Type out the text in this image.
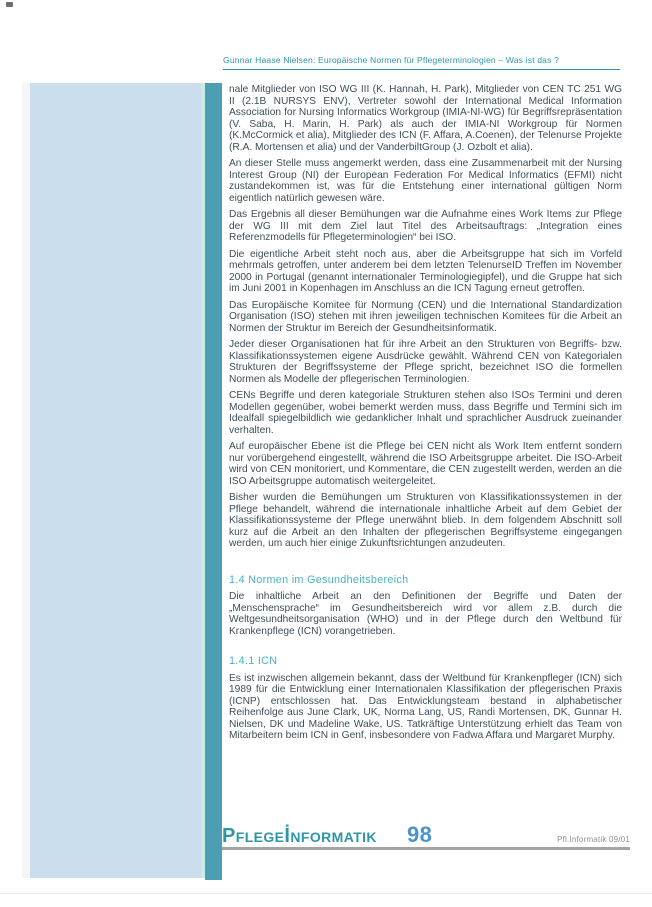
Gunnar Haase Nielsen: Europäische Normen für Pflegeterminologien – Was ist das ?

nale Mitglieder von ISO WG III (K. Hannah, H. Park), Mitglieder von CEN TC 251 WG II (2.1B NURSYS ENV), Vertreter sowohl der International Medical Information Association for Nursing Informatics Workgroup (IMIA-NI-WG) für Begriffsrepräsentation (V. Saba, H. Marin, H. Park) als auch der IMIA-NI Workgroup für Normen (K.McCormick et alia), Mitglieder des ICN (F. Affara, A.Coenen), der Telenurse Projekte (R.A. Mortensen et alia) und der VanderbiltGroup (J. Ozbolt et alia).

An dieser Stelle muss angemerkt werden, dass eine Zusammenarbeit mit der Nursing Interest Group (NI) der European Federation For Medical Informatics (EFMI) nicht zustandekommen ist, was für die Entstehung einer international gültigen Norm eigentlich natürlich gewesen wäre.

Das Ergebnis all dieser Bemühungen war die Aufnahme eines Work Items zur Pflege der WG III mit dem Ziel laut Titel des Arbeitsauftrags: „Integration eines Referenzmodells für Pflegeterminologien“ bei ISO.

Die eigentliche Arbeit steht noch aus, aber die Arbeitsgruppe hat sich im Vorfeld mehrmals getroffen, unter anderem bei dem letzten TelenurseID Treffen im November 2000 in Portugal (genannt internationaler Terminologiegipfel), und die Gruppe hat sich im Juni 2001 in Kopenhagen im Anschluss an die ICN Tagung erneut getroffen.

Das Europäische Komitee für Normung (CEN) und die International Standardization Organisation (ISO) stehen mit ihren jeweiligen technischen Komitees für die Arbeit an Normen der Struktur im Bereich der Gesundheitsinformatik.

Jeder dieser Organisationen hat für ihre Arbeit an den Strukturen von Begriffs- bzw. Klassifikationssystemen eigene Ausdrücke gewählt. Während CEN von Kategorialen Strukturen der Begriffssysteme der Pflege spricht, bezeichnet ISO die formellen Normen als Modelle der pflegerischen Terminologien.

CENs Begriffe und deren kategoriale Strukturen stehen also ISOs Termini und deren Modellen gegenüber, wobei bemerkt werden muss, dass Begriffe und Termini sich im Idealfall spiegelbildlich wie gedanklicher Inhalt und sprachlicher Ausdruck zueinander verhalten.

Auf europäischer Ebene ist die Pflege bei CEN nicht als Work Item entfernt sondern nur vorübergehend eingestellt, während die ISO Arbeitsgruppe arbeitet. Die ISO-Arbeit wird von CEN monitoriert, und Kommentare, die CEN zugestellt werden, werden an die ISO Arbeitsgruppe automatisch weitergeleitet.

Bisher wurden die Bemühungen um Strukturen von Klassifikationssystemen in der Pflege behandelt, während die internationale inhaltliche Arbeit auf dem Gebiet der Klassifikationssysteme der Pflege unerwähnt blieb. In dem folgendem Abschnitt soll kurz auf die Arbeit an den Inhalten der pflegerischen Begriffsysteme eingegangen werden, um auch hier einige Zukunftsrichtungen anzudeuten.

1.4 Normen im Gesundheitsbereich

Die inhaltliche Arbeit an den Definitionen der Begriffe und Daten der „Menschensprache“ im Gesundheitsbereich wird vor allem z.B. durch die Weltgesundheitsorganisation (WHO) und in der Pflege durch den Weltbund für Krankenpflege (ICN) vorangetrieben.

1.4.1 ICN

Es ist inzwischen allgemein bekannt, dass der Weltbund für Krankenpfleger (ICN) sich 1989 für die Entwicklung einer Internationalen Klassifikation der pflegerischen Praxis (ICNP) entschlossen hat. Das Entwicklungsteam bestand in alphabetischer Reihenfolge aus June Clark, UK, Norma Lang, US, Randi Mortensen, DK, Gunnar H. Nielsen, DK und Madeline Wake, US. Tatkräftige Unterstützung erhielt das Team von Mitarbeitern beim ICN in Genf, insbesondere von Fadwa Affara und Margaret Murphy.

PFLEGEİNFORMATIK 98	Pfl.Informatik 09/01
